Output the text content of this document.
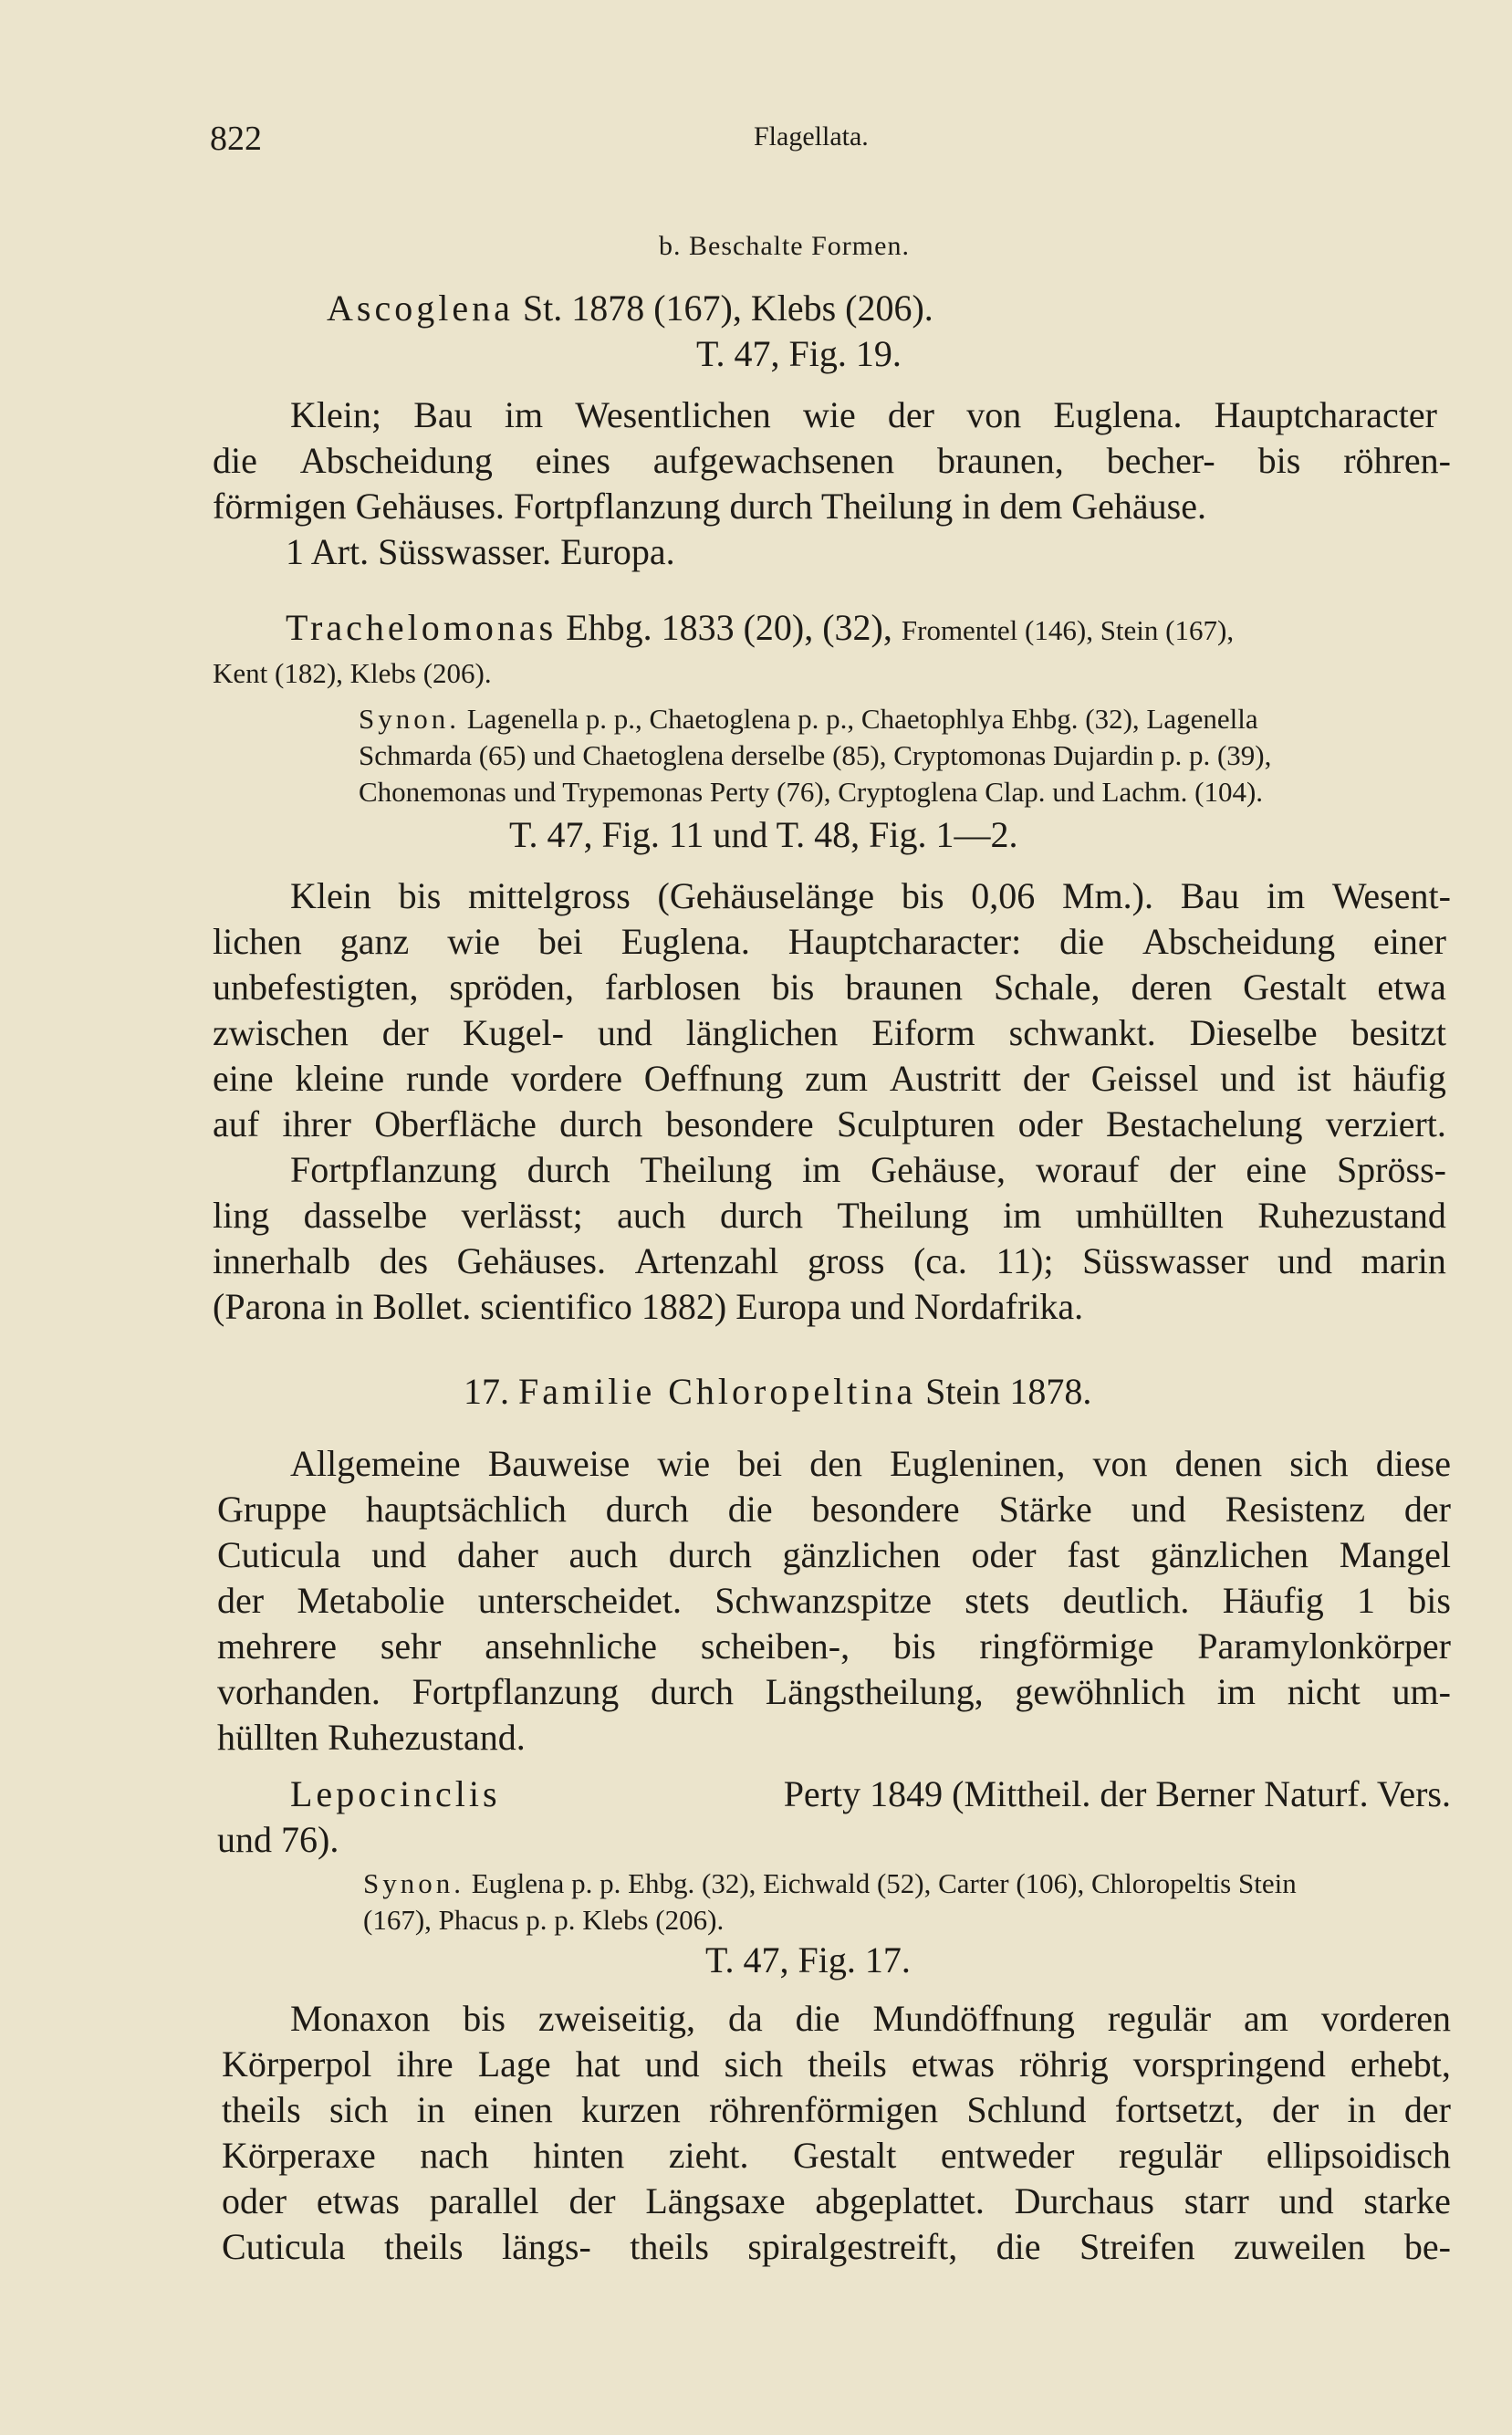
822	Flagellata.
b. Beschalte Formen.
Ascoglena St. 1878 (167), Klebs (206).
T. 47, Fig. 19.
Klein; Bau im Wesentlichen wie der von Euglena. Hauptcharacter
die Abscheidung eines aufgewachsenen braunen, becher- bis röhren-
förmigen Gehäuses. Fortpflanzung durch Theilung in dem Gehäuse.
1 Art. Süsswasser. Europa.
Trachelomonas Ehbg. 1833 (20), (32), Fromentel (146), Stein (167),
Kent (182), Klebs (206).
Synon. Lagenella p. p., Chaetoglena p. p., Chaetophlya Ehbg. (32), Lagenella
Schmarda (65) und Chaetoglena derselbe (85), Cryptomonas Dujardin p. p. (39),
Chonemonas und Trypemonas Perty (76), Cryptoglena Clap. und Lachm. (104).
T. 47, Fig. 11 und T. 48, Fig. 1—2.
Klein bis mittelgross (Gehäuselänge bis 0,06 Mm.). Bau im Wesent-
lichen ganz wie bei Euglena. Hauptcharacter: die Abscheidung einer
unbefestigten, spröden, farblosen bis braunen Schale, deren Gestalt etwa
zwischen der Kugel- und länglichen Eiform schwankt. Dieselbe besitzt
eine kleine runde vordere Oeffnung zum Austritt der Geissel und ist häufig
auf ihrer Oberfläche durch besondere Sculpturen oder Bestachelung verziert.
Fortpflanzung durch Theilung im Gehäuse, worauf der eine Spröss-
ling dasselbe verlässt; auch durch Theilung im umhüllten Ruhezustand
innerhalb des Gehäuses. Artenzahl gross (ca. 11); Süsswasser und marin
(Parona in Bollet. scientifico 1882) Europa und Nordafrika.
17. Familie Chloropeltina Stein 1878.
Allgemeine Bauweise wie bei den Eugleninen, von denen sich diese
Gruppe hauptsächlich durch die besondere Stärke und Resistenz der
Cuticula und daher auch durch gänzlichen oder fast gänzlichen Mangel
der Metabolie unterscheidet. Schwanzspitze stets deutlich. Häufig 1 bis
mehrere sehr ansehnliche scheiben-, bis ringförmige Paramylonkörper
vorhanden. Fortpflanzung durch Längstheilung, gewöhnlich im nicht um-
hüllten Ruhezustand.
Lepocinclis	Perty 1849 (Mittheil. der Berner Naturf. Vers.
und 76).
Synon. Euglena p. p. Ehbg. (32), Eichwald (52), Carter (106), Chloropeltis Stein
(167), Phacus p. p. Klebs (206).
T. 47, Fig. 17.
Monaxon bis zweiseitig, da die Mundöffnung regulär am vorderen
Körperpol ihre Lage hat und sich theils etwas röhrig vorspringend erhebt,
theils sich in einen kurzen röhrenförmigen Schlund fortsetzt, der in der
Körperaxe nach hinten zieht. Gestalt entweder regulär ellipsoidisch
oder etwas parallel der Längsaxe abgeplattet. Durchaus starr und starke
Cuticula theils längs- theils spiralgestreift, die Streifen zuweilen be-
